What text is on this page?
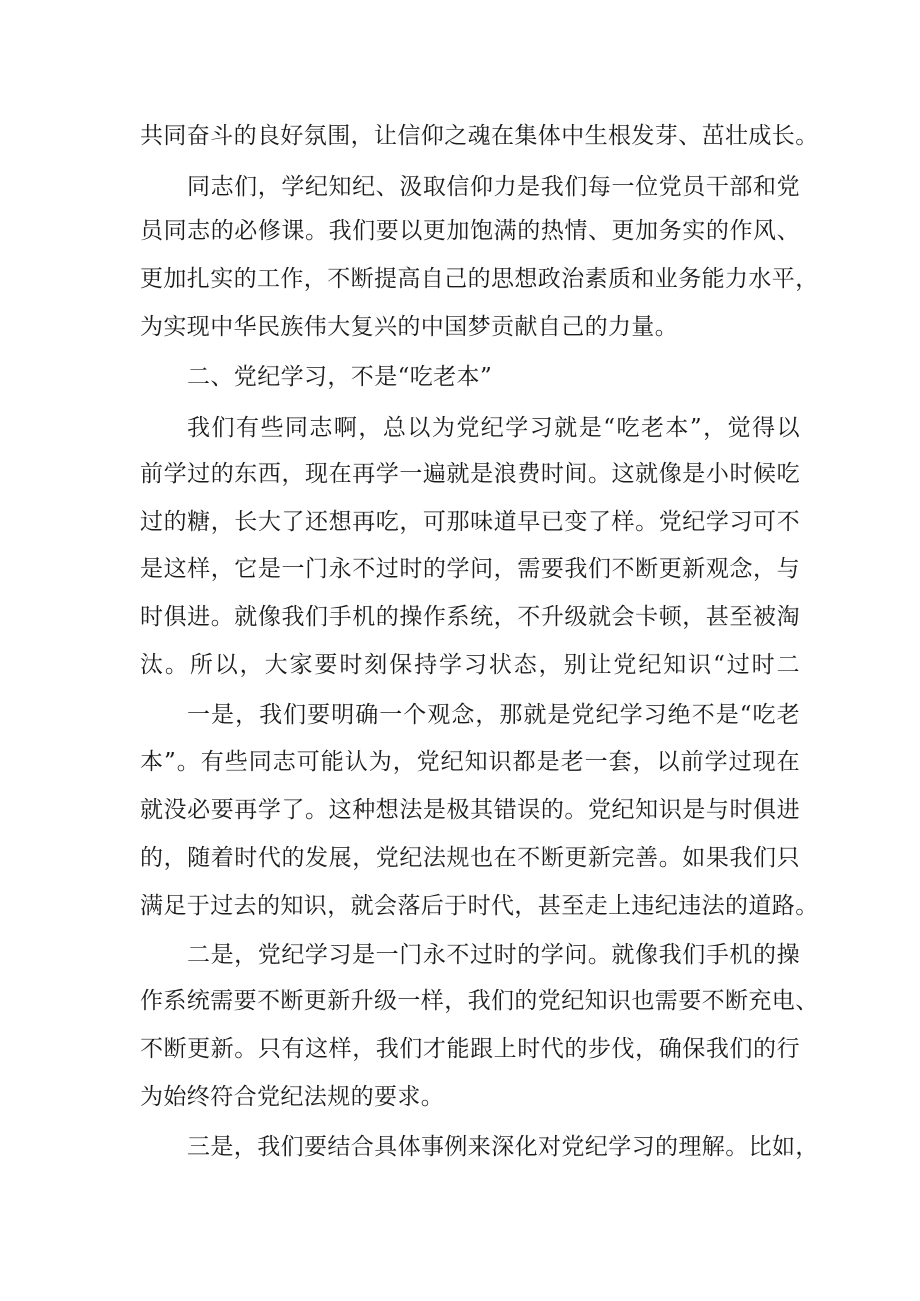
共同奋斗的良好氛围，让信仰之魂在集体中生根发芽、茁壮成长。
同志们，学纪知纪、汲取信仰力是我们每一位党员干部和党
员同志的必修课。我们要以更加饱满的热情、更加务实的作风、
更加扎实的工作，不断提高自己的思想政治素质和业务能力水平，
为实现中华民族伟大复兴的中国梦贡献自己的力量。
二、党纪学习，不是“吃老本”
我们有些同志啊，总以为党纪学习就是“吃老本”，觉得以
前学过的东西，现在再学一遍就是浪费时间。这就像是小时候吃
过的糖，长大了还想再吃，可那味道早已变了样。党纪学习可不
是这样，它是一门永不过时的学问，需要我们不断更新观念，与
时俱进。就像我们手机的操作系统，不升级就会卡顿，甚至被淘
汰。所以，大家要时刻保持学习状态，别让党纪知识“过时二
一是，我们要明确一个观念，那就是党纪学习绝不是“吃老
本”。有些同志可能认为，党纪知识都是老一套，以前学过现在
就没必要再学了。这种想法是极其错误的。党纪知识是与时俱进
的，随着时代的发展，党纪法规也在不断更新完善。如果我们只
满足于过去的知识，就会落后于时代，甚至走上违纪违法的道路。
二是，党纪学习是一门永不过时的学问。就像我们手机的操
作系统需要不断更新升级一样，我们的党纪知识也需要不断充电、
不断更新。只有这样，我们才能跟上时代的步伐，确保我们的行
为始终符合党纪法规的要求。
三是，我们要结合具体事例来深化对党纪学习的理解。比如，
